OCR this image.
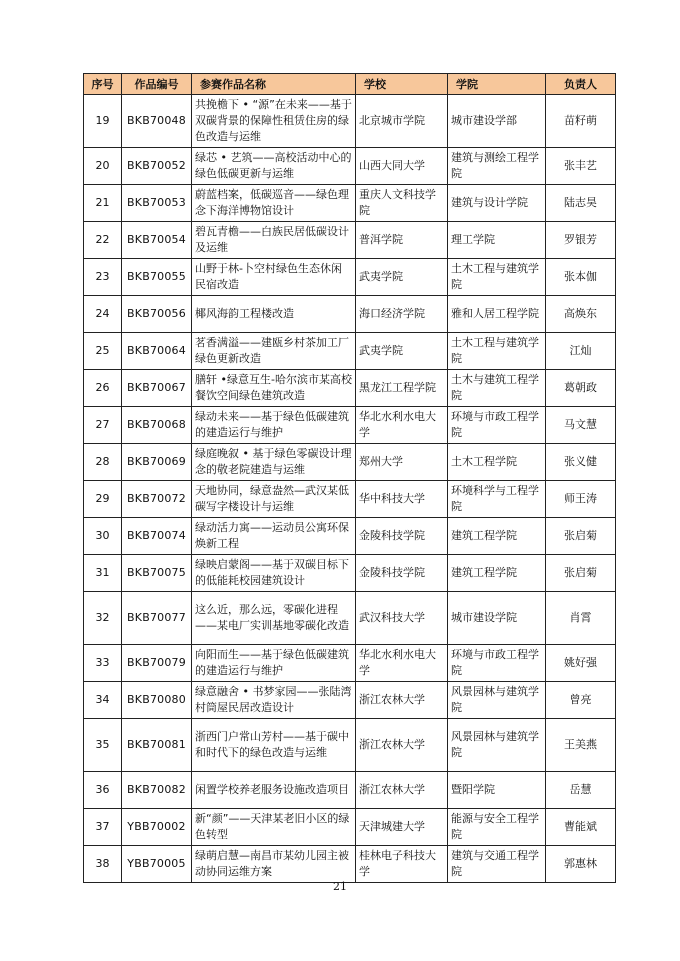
序号	作品编号	参赛作品名称	学校	学院	负责人
19	BKB70048	共挽檐下 • “源”在未来——基于双碳背景的保障性租赁住房的绿色改造与运维	北京城市学院	城市建设学部	苗籽萌
20	BKB70052	绿芯 • 艺筑——高校活动中心的绿色低碳更新与运维	山西大同大学	建筑与测绘工程学院	张丰艺
21	BKB70053	蔚蓝档案，低碳巡音——绿色理念下海洋博物馆设计	重庆人文科技学院	建筑与设计学院	陆志昊
22	BKB70054	碧瓦青檐——白族民居低碳设计及运维	普洱学院	理工学院	罗银芳
23	BKB70055	山野于林-卜空村绿色生态休闲民宿改造	武夷学院	土木工程与建筑学院	张本伽
24	BKB70056	椰风海韵工程楼改造	海口经济学院	雅和人居工程学院	高焕东
25	BKB70064	茗香满溢——建瓯乡村茶加工厂绿色更新改造	武夷学院	土木工程与建筑学院	江灿
26	BKB70067	膳轩 •绿意互生-哈尔滨市某高校餐饮空间绿色建筑改造	黑龙江工程学院	土木与建筑工程学院	葛朝政
27	BKB70068	绿动未来——基于绿色低碳建筑的建造运行与维护	华北水利水电大学	环境与市政工程学院	马文慧
28	BKB70069	绿庭晚叙 • 基于绿色零碳设计理念的敬老院建造与运维	郑州大学	土木工程学院	张义健
29	BKB70072	天地协同，绿意盎然—武汉某低碳写字楼设计与运维	华中科技大学	环境科学与工程学院	师王涛
30	BKB70074	绿动活力寓——运动员公寓环保焕新工程	金陵科技学院	建筑工程学院	张启菊
31	BKB70075	绿映启蒙阁——基于双碳目标下的低能耗校园建筑设计	金陵科技学院	建筑工程学院	张启菊
32	BKB70077	这么近，那么远，零碳化进程——某电厂实训基地零碳化改造	武汉科技大学	城市建设学院	肖霄
33	BKB70079	向阳而生——基于绿色低碳建筑的建造运行与维护	华北水利水电大学	环境与市政工程学院	姚好强
34	BKB70080	绿意融舍 • 书梦家园——张陆湾村筒屋民居改造设计	浙江农林大学	风景园林与建筑学院	曾亮
35	BKB70081	浙西门户常山芳村——基于碳中和时代下的绿色改造与运维	浙江农林大学	风景园林与建筑学院	王美燕
36	BKB70082	闲置学校养老服务设施改造项目	浙江农林大学	暨阳学院	岳慧
37	YBB70002	新“颜”——天津某老旧小区的绿色转型	天津城建大学	能源与安全工程学院	曹能斌
38	YBB70005	绿萌启慧—南昌市某幼儿园主被动协同运维方案	桂林电子科技大学	建筑与交通工程学院	郭惠林
21
